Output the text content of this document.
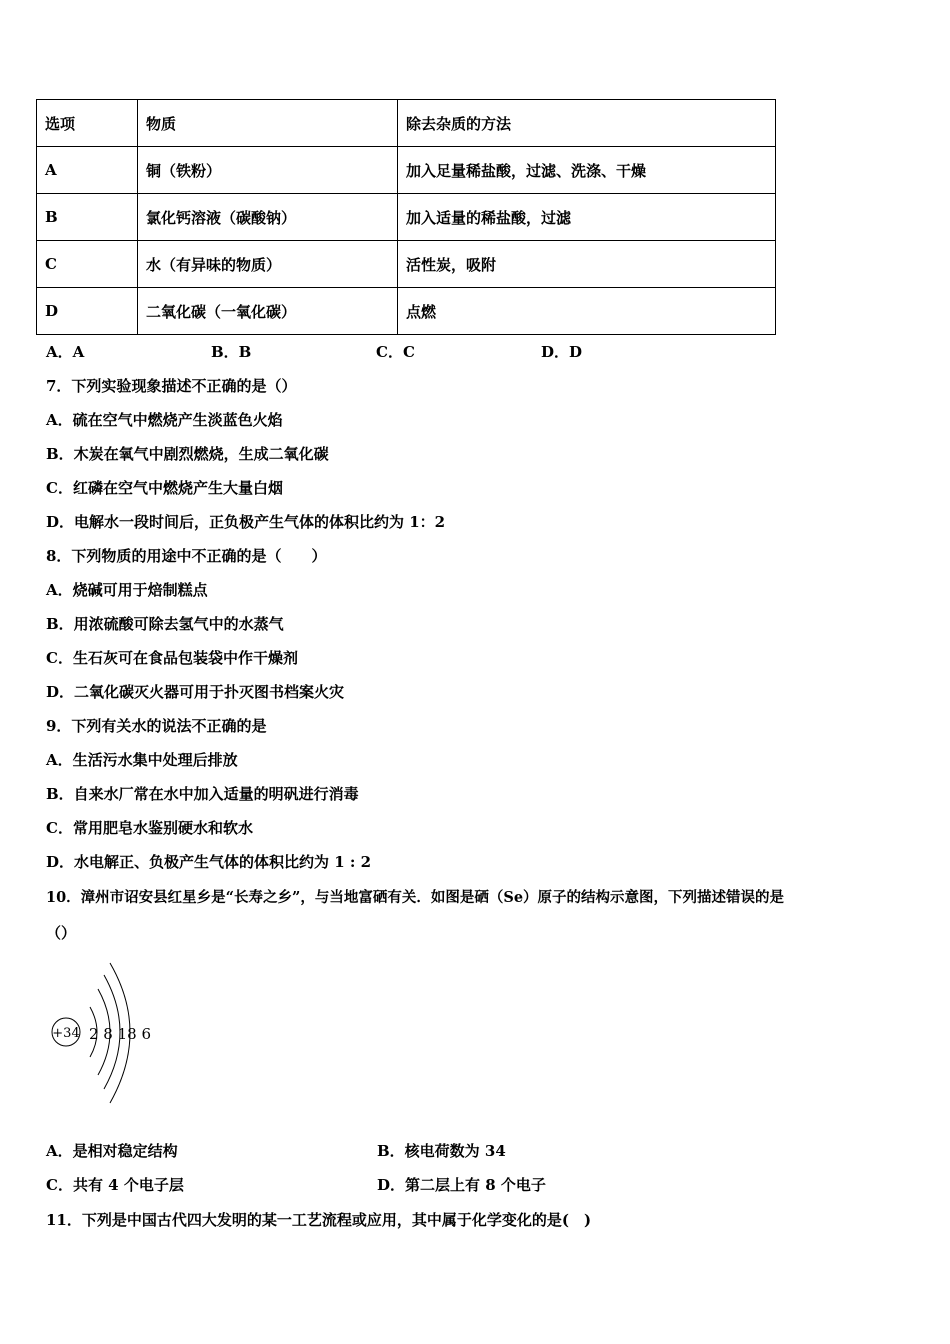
选项	物质	除去杂质的方法
A	铜（铁粉）	加入足量稀盐酸，过滤、洗涤、干燥
B	氯化钙溶液（碳酸钠）	加入适量的稀盐酸，过滤
C	水（有异味的物质）	活性炭，吸附
D	二氧化碳（一氧化碳）	点燃
A．A	B．B	C．C	D．D
7．下列实验现象描述不正确的是（）
A．硫在空气中燃烧产生淡蓝色火焰
B．木炭在氧气中剧烈燃烧，生成二氧化碳
C．红磷在空气中燃烧产生大量白烟
D．电解水一段时间后，正负极产生气体的体积比约为 1：2
8．下列物质的用途中不正确的是（　　）
A．烧碱可用于焙制糕点
B．用浓硫酸可除去氢气中的水蒸气
C．生石灰可在食品包装袋中作干燥剂
D．二氧化碳灭火器可用于扑灭图书档案火灾
9．下列有关水的说法不正确的是
A．生活污水集中处理后排放
B．自来水厂常在水中加入适量的明矾进行消毒
C．常用肥皂水鉴别硬水和软水
D．水电解正、负极产生气体的体积比约为 1 : 2
10．漳州市诏安县红星乡是“长寿之乡”，与当地富硒有关．如图是硒（Se）原子的结构示意图，下列描述错误的是
（）
+34 2 8 18 6
A．是相对稳定结构	B．核电荷数为 34
C．共有 4 个电子层	D．第二层上有 8 个电子
11．下列是中国古代四大发明的某一工艺流程或应用，其中属于化学变化的是(　)
